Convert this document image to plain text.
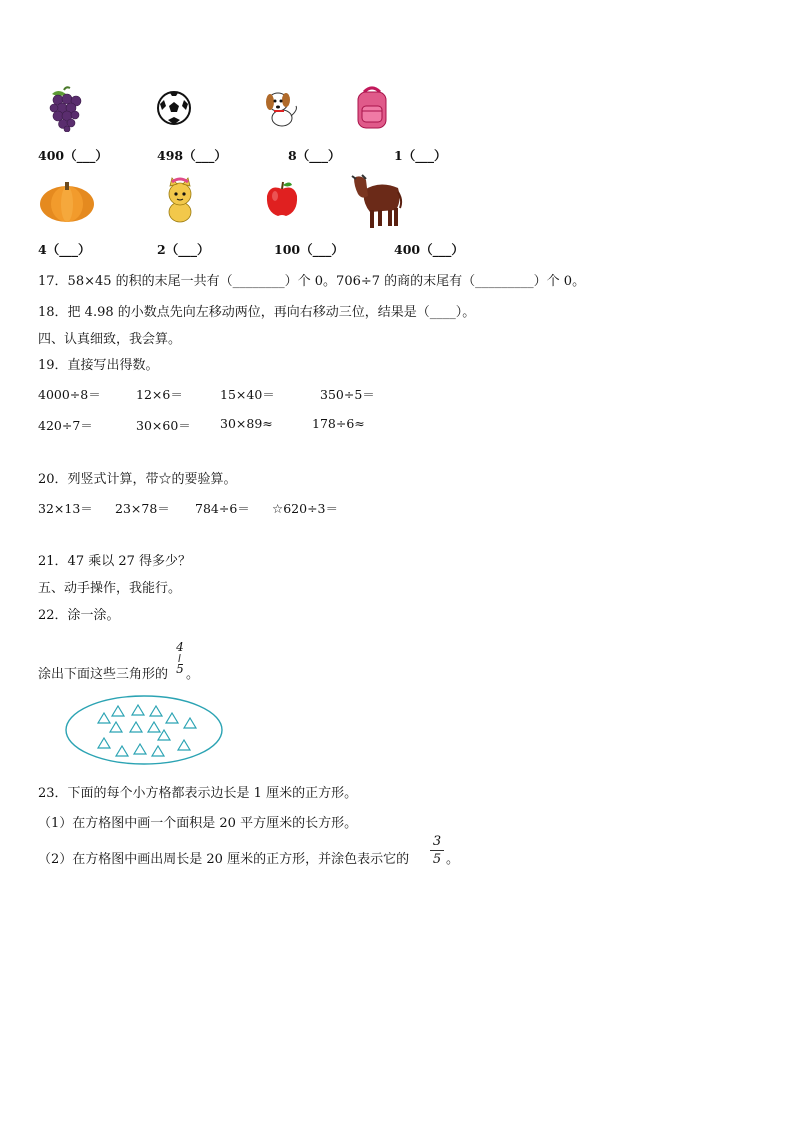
400（___）	498（___）	8（___）	1（___）
4（___）	2（___）	100（___）	400（___）
17．58×45 的积的末尾一共有（________）个 0。706÷7 的商的末尾有（_________）个 0。
18．把 4.98 的小数点先向左移动两位，再向右移动三位，结果是（____）。
四、认真细致，我会算。
19．直接写出得数。
4000÷8＝	12×6＝	15×40＝	350÷5＝
420÷7＝	30×60＝ 30×89≈	178÷6≈
20．列竖式计算，带☆的要验算。
32×13＝ 23×78＝ 784÷6＝ ☆620÷3＝
21．47 乘以 27 得多少？
五、动手操作，我能行。
22．涂一涂。
涂出下面这些三角形的
4
5 。
23．下面的每个小方格都表示边长是 1 厘米的正方形。
（1）在方格图中画一个面积是 20 平方厘米的长方形。
（2）在方格图中画出周长是 20 厘米的正方形，并涂色表示它的
3
5 。
